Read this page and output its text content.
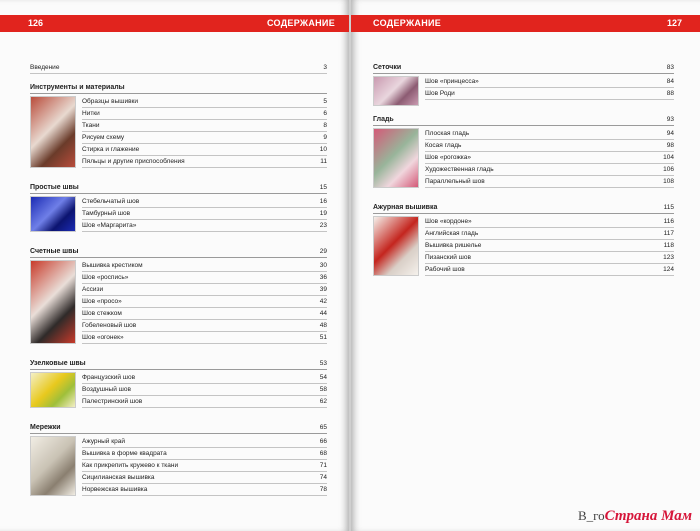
126	СОДЕРЖАНИЕ
Введение	3
Инструменты и материалы
Образцы вышивки	5
Нитки	6
Ткани	8
Рисуем схему	9
Стирка и глажение	10
Пяльцы и другие приспособления	11
Простые швы	15
Стебельчатый шов	16
Тамбурный шов	19
Шов «Маргарита»	23
Счетные швы	29
Вышивка крестиком	30
Шов «роспись»	36
Ассизи	39
Шов «просо»	42
Шов стежком	44
Гобеленовый шов	48
Шов «огонек»	51
Узелковые швы	53
Французский шов	54
Воздушный шов	58
Палестринский шов	62
Мережки	65
Ажурный край	66
Вышивка в форме квадрата	68
Как прикрепить кружево к ткани	71
Сицилианская вышивка	74
Норвежская вышивка	78
СОДЕРЖАНИЕ	127
Сеточки	83
Шов «принцесса»	84
Шов Роди	88
Гладь	93
Плоская гладь	94
Косая гладь	98
Шов «рогожка»	104
Художественная гладь	106
Параллельный шов	108
Ажурная вышивка	115
Шов «кордоне»	116
Английская гладь	117
Вышивка ришелье	118
Пизанский шов	123
Рабочий шов	124
В_гоСтрана Мам
